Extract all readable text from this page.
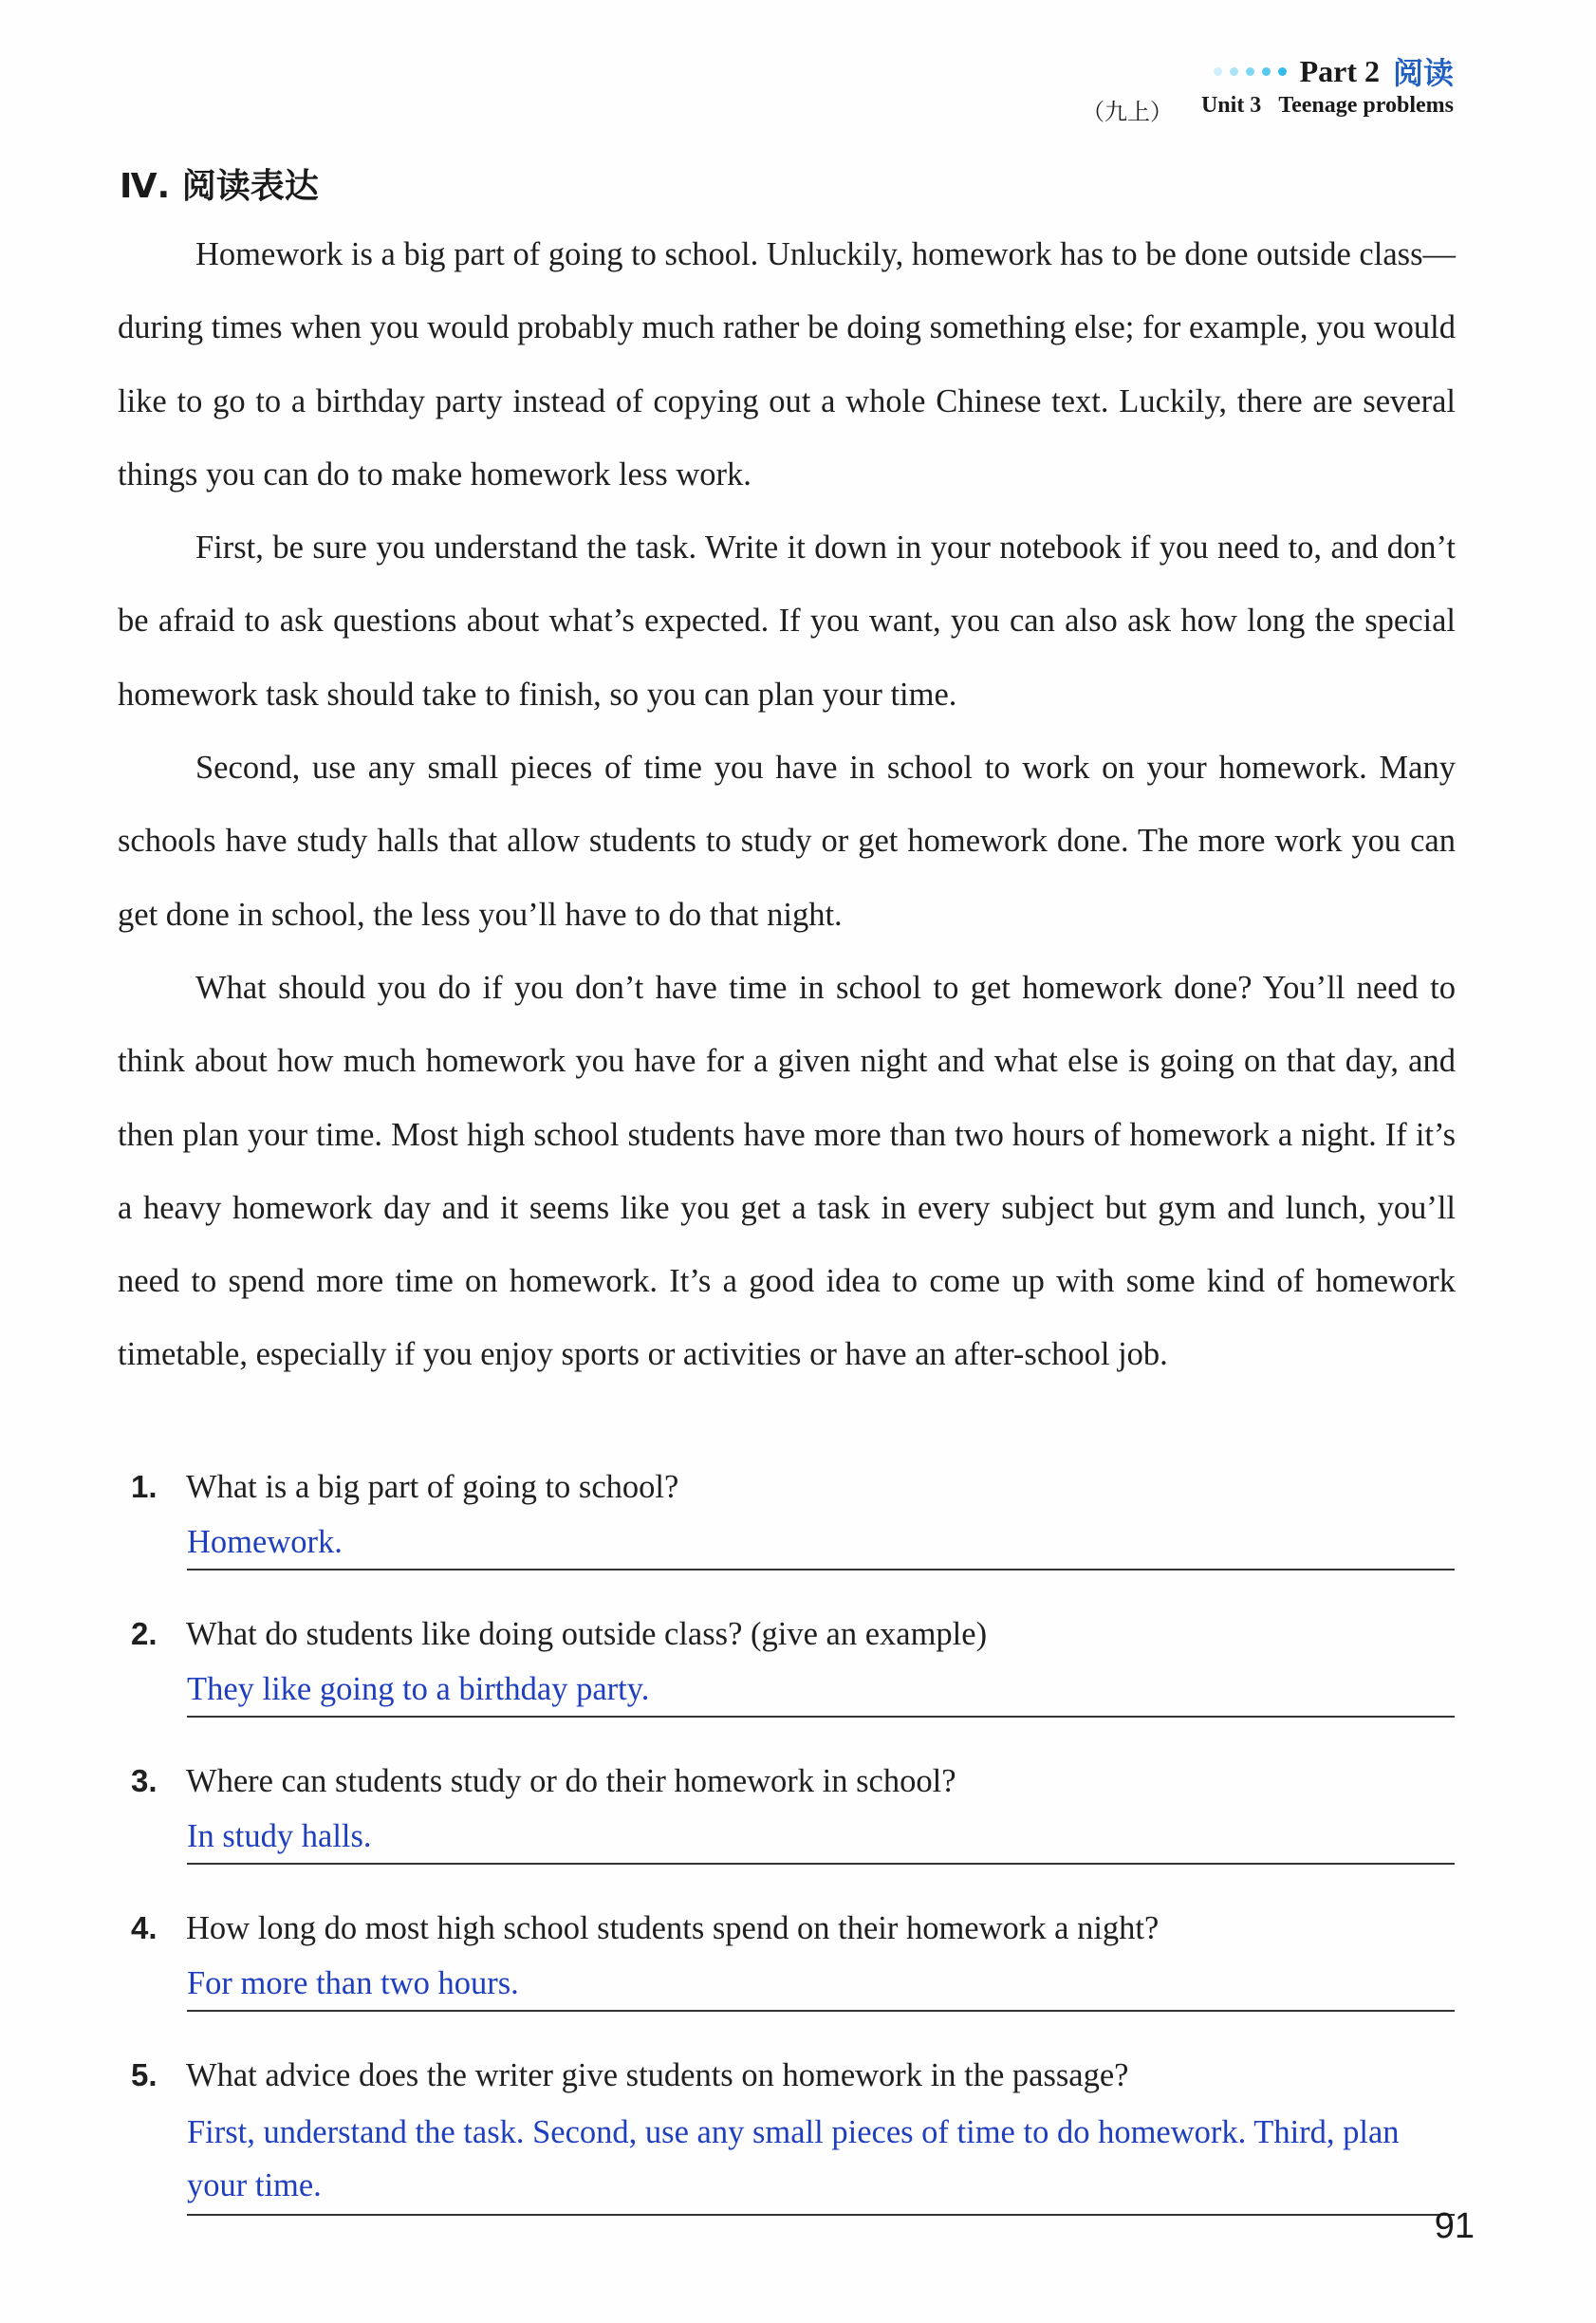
Part 2 阅读
（九上） Unit 3 Teenage problems
Ⅳ. 阅读表达

Homework is a big part of going to school. Unluckily, homework has to be done outside class—during times when you would probably much rather be doing something else; for example, you would like to go to a birthday party instead of copying out a whole Chinese text. Luckily, there are several things you can do to make homework less work.

First, be sure you understand the task. Write it down in your notebook if you need to, and don’t be afraid to ask questions about what’s expected. If you want, you can also ask how long the special homework task should take to finish, so you can plan your time.

Second, use any small pieces of time you have in school to work on your homework. Many schools have study halls that allow students to study or get homework done. The more work you can get done in school, the less you’ll have to do that night.

What should you do if you don’t have time in school to get homework done? You’ll need to think about how much homework you have for a given night and what else is going on that day, and then plan your time. Most high school students have more than two hours of homework a night. If it’s a heavy homework day and it seems like you get a task in every subject but gym and lunch, you’ll need to spend more time on homework. It’s a good idea to come up with some kind of homework timetable, especially if you enjoy sports or activities or have an after-school job.

1. What is a big part of going to school?
Homework.
2. What do students like doing outside class? (give an example)
They like going to a birthday party.
3. Where can students study or do their homework in school?
In study halls.
4. How long do most high school students spend on their homework a night?
For more than two hours.
5. What advice does the writer give students on homework in the passage?
First, understand the task. Second, use any small pieces of time to do homework. Third, plan your time.
91
